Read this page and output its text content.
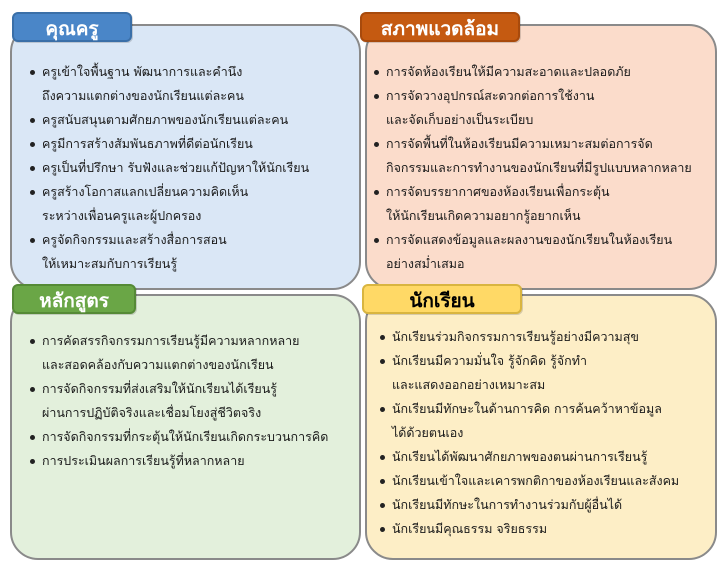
คุณครู	สภาพแวดล้อม
หลักสูตร	นักเรียน
ครูเข้าใจพื้นฐาน พัฒนาการและคำนึง
ถึงความแตกต่างของนักเรียนแต่ละคน
ครูสนับสนุนตามศักยภาพของนักเรียนแต่ละคน
ครูมีการสร้างสัมพันธภาพที่ดีต่อนักเรียน
ครูเป็นที่ปรึกษา รับฟังและช่วยแก้ปัญหาให้นักเรียน
ครูสร้างโอกาสแลกเปลี่ยนความคิดเห็น
ระหว่างเพื่อนครูและผู้ปกครอง
ครูจัดกิจกรรมและสร้างสื่อการสอน
ให้เหมาะสมกับการเรียนรู้
การจัดห้องเรียนให้มีความสะอาดและปลอดภัย
การจัดวางอุปกรณ์สะดวกต่อการใช้งาน
และจัดเก็บอย่างเป็นระเบียบ
การจัดพื้นที่ในห้องเรียนมีความเหมาะสมต่อการจัด
กิจกรรมและการทำงานของนักเรียนที่มีรูปแบบหลากหลาย
การจัดบรรยากาศของห้องเรียนเพื่อกระตุ้น
ให้นักเรียนเกิดความอยากรู้อยากเห็น
การจัดแสดงข้อมูลและผลงานของนักเรียนในห้องเรียน
อย่างสม่ำเสมอ
การคัดสรรกิจกรรมการเรียนรู้มีความหลากหลาย
และสอดคล้องกับความแตกต่างของนักเรียน
การจัดกิจกรรมที่ส่งเสริมให้นักเรียนได้เรียนรู้
ผ่านการปฏิบัติจริงและเชื่อมโยงสู่ชีวิตจริง
การจัดกิจกรรมที่กระตุ้นให้นักเรียนเกิดกระบวนการคิด
การประเมินผลการเรียนรู้ที่หลากหลาย
นักเรียนร่วมกิจกรรมการเรียนรู้อย่างมีความสุข
นักเรียนมีความมั่นใจ รู้จักคิด รู้จักทำ
และแสดงออกอย่างเหมาะสม
นักเรียนมีทักษะในด้านการคิด การค้นคว้าหาข้อมูล
ได้ด้วยตนเอง
นักเรียนได้พัฒนาศักยภาพของตนผ่านการเรียนรู้
นักเรียนเข้าใจและเคารพกติกาของห้องเรียนและสังคม
นักเรียนมีทักษะในการทำงานร่วมกับผู้อื่นได้
นักเรียนมีคุณธรรม จริยธรรม
